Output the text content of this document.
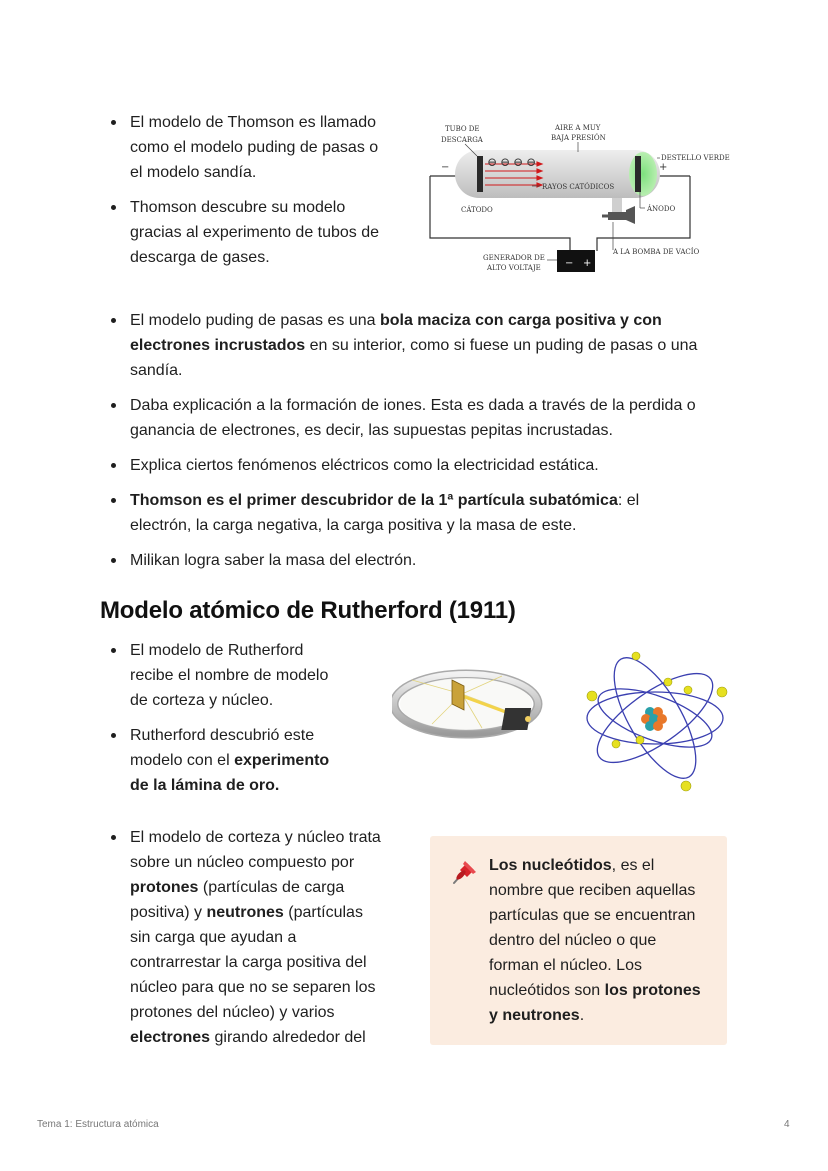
El modelo de Thomson es llamado
como el modelo puding de pasas o
el modelo sandía.
Thomson descubre su modelo
gracias al experimento de tubos de
descarga de gases.
⊖ ⊖ ⊖ ⊖
− +
−	+
TUBO DE
DESCARGA
AIRE A MUY
BAJA PRESIÓN
DESTELLO VERDE
RAYOS CATÓDICOS
CÁTODO	ÁNODO
A LA BOMBA DE VACÍO
GENERADOR DE
ALTO VOLTAJE
El modelo puding de pasas es una bola maciza con carga positiva y con
electrones incrustados en su interior, como si fuese un puding de pasas o una
sandía.
Daba explicación a la formación de iones. Esta es dada a través de la perdida o
ganancia de electrones, es decir, las supuestas pepitas incrustadas.
Explica ciertos fenómenos eléctricos como la electricidad estática.
Thomson es el primer descubridor de la 1ª partícula subatómica: el
electrón, la carga negativa, la carga positiva y la masa de este.
Milikan logra saber la masa del electrón.
Modelo atómico de Rutherford (1911)
El modelo de Rutherford
recibe el nombre de modelo
de corteza y núcleo.
Rutherford descubrió este
modelo con el experimento
de la lámina de oro.
El modelo de corteza y núcleo trata
sobre un núcleo compuesto por
protones (partículas de carga
positiva) y neutrones (partículas
sin carga que ayudan a
contrarrestar la carga positiva del
núcleo para que no se separen los
protones del núcleo) y varios
electrones girando alrededor del
Los nucleótidos, es el
nombre que reciben aquellas
partículas que se encuentran
dentro del núcleo o que
forman el núcleo. Los
nucleótidos son los protones
y neutrones.
Tema 1: Estructura atómica	4
